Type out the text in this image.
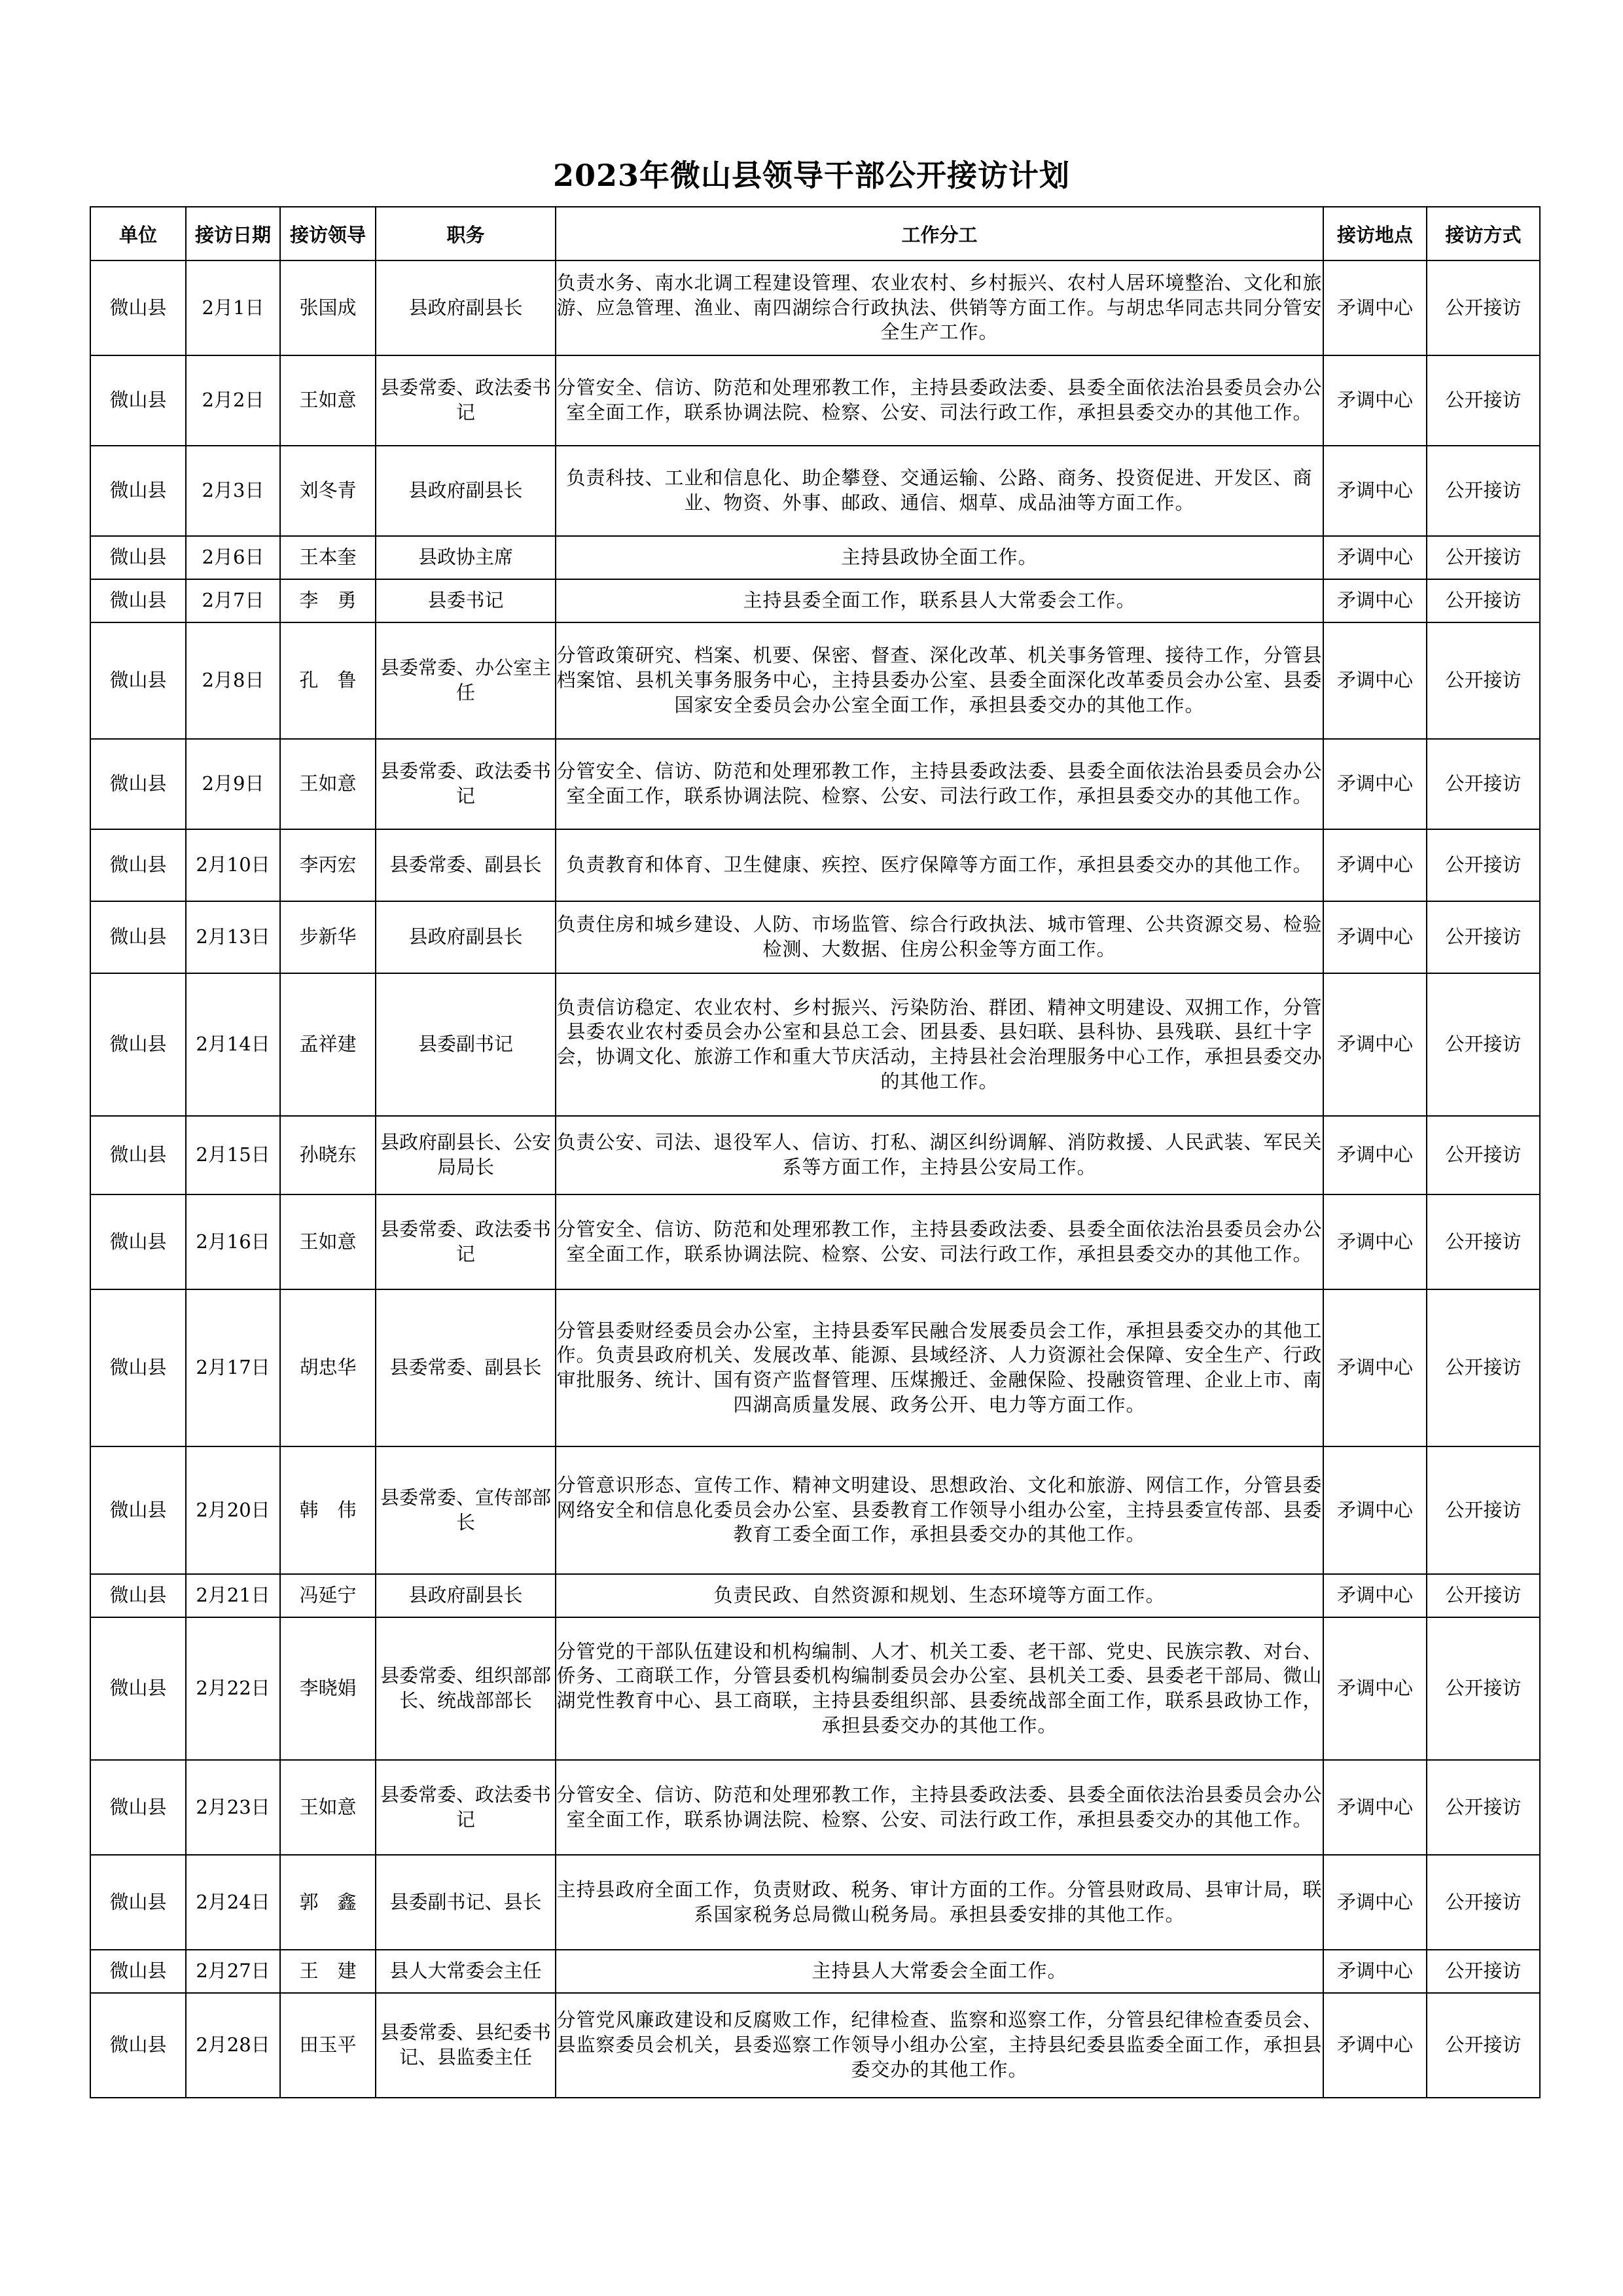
2023年微山县领导干部公开接访计划
单位	接访日期	接访领导	职务	工作分工	接访地点	接访方式
微山县	2月1日	张国成	县政府副县长	负责水务、南水北调工程建设管理、农业农村、乡村振兴、农村人居环境整治、文化和旅游、应急管理、渔业、南四湖综合行政执法、供销等方面工作。与胡忠华同志共同分管安全生产工作。	矛调中心	公开接访
微山县	2月2日	王如意	县委常委、政法委书记	分管安全、信访、防范和处理邪教工作，主持县委政法委、县委全面依法治县委员会办公室全面工作，联系协调法院、检察、公安、司法行政工作，承担县委交办的其他工作。	矛调中心	公开接访
微山县	2月3日	刘冬青	县政府副县长	负责科技、工业和信息化、助企攀登、交通运输、公路、商务、投资促进、开发区、商业、物资、外事、邮政、通信、烟草、成品油等方面工作。	矛调中心	公开接访
微山县	2月6日	王本奎	县政协主席	主持县政协全面工作。	矛调中心	公开接访
微山县	2月7日	李　勇	县委书记	主持县委全面工作，联系县人大常委会工作。	矛调中心	公开接访
微山县	2月8日	孔　鲁	县委常委、办公室主任	分管政策研究、档案、机要、保密、督查、深化改革、机关事务管理、接待工作，分管县档案馆、县机关事务服务中心，主持县委办公室、县委全面深化改革委员会办公室、县委国家安全委员会办公室全面工作，承担县委交办的其他工作。	矛调中心	公开接访
微山县	2月9日	王如意	县委常委、政法委书记	分管安全、信访、防范和处理邪教工作，主持县委政法委、县委全面依法治县委员会办公室全面工作，联系协调法院、检察、公安、司法行政工作，承担县委交办的其他工作。	矛调中心	公开接访
微山县	2月10日	李丙宏	县委常委、副县长	负责教育和体育、卫生健康、疾控、医疗保障等方面工作，承担县委交办的其他工作。	矛调中心	公开接访
微山县	2月13日	步新华	县政府副县长	负责住房和城乡建设、人防、市场监管、综合行政执法、城市管理、公共资源交易、检验检测、大数据、住房公积金等方面工作。	矛调中心	公开接访
微山县	2月14日	孟祥建	县委副书记	负责信访稳定、农业农村、乡村振兴、污染防治、群团、精神文明建设、双拥工作，分管县委农业农村委员会办公室和县总工会、团县委、县妇联、县科协、县残联、县红十字会，协调文化、旅游工作和重大节庆活动，主持县社会治理服务中心工作，承担县委交办的其他工作。	矛调中心	公开接访
微山县	2月15日	孙晓东	县政府副县长、公安局局长	负责公安、司法、退役军人、信访、打私、湖区纠纷调解、消防救援、人民武装、军民关系等方面工作，主持县公安局工作。	矛调中心	公开接访
微山县	2月16日	王如意	县委常委、政法委书记	分管安全、信访、防范和处理邪教工作，主持县委政法委、县委全面依法治县委员会办公室全面工作，联系协调法院、检察、公安、司法行政工作，承担县委交办的其他工作。	矛调中心	公开接访
微山县	2月17日	胡忠华	县委常委、副县长	分管县委财经委员会办公室，主持县委军民融合发展委员会工作，承担县委交办的其他工作。负责县政府机关、发展改革、能源、县域经济、人力资源社会保障、安全生产、行政审批服务、统计、国有资产监督管理、压煤搬迁、金融保险、投融资管理、企业上市、南四湖高质量发展、政务公开、电力等方面工作。	矛调中心	公开接访
微山县	2月20日	韩　伟	县委常委、宣传部部长	分管意识形态、宣传工作、精神文明建设、思想政治、文化和旅游、网信工作，分管县委网络安全和信息化委员会办公室、县委教育工作领导小组办公室，主持县委宣传部、县委教育工委全面工作，承担县委交办的其他工作。	矛调中心	公开接访
微山县	2月21日	冯延宁	县政府副县长	负责民政、自然资源和规划、生态环境等方面工作。	矛调中心	公开接访
微山县	2月22日	李晓娟	县委常委、组织部部长、统战部部长	分管党的干部队伍建设和机构编制、人才、机关工委、老干部、党史、民族宗教、对台、侨务、工商联工作，分管县委机构编制委员会办公室、县机关工委、县委老干部局、微山湖党性教育中心、县工商联，主持县委组织部、县委统战部全面工作，联系县政协工作，承担县委交办的其他工作。	矛调中心	公开接访
微山县	2月23日	王如意	县委常委、政法委书记	分管安全、信访、防范和处理邪教工作，主持县委政法委、县委全面依法治县委员会办公室全面工作，联系协调法院、检察、公安、司法行政工作，承担县委交办的其他工作。	矛调中心	公开接访
微山县	2月24日	郭　鑫	县委副书记、县长	主持县政府全面工作，负责财政、税务、审计方面的工作。分管县财政局、县审计局，联系国家税务总局微山税务局。承担县委安排的其他工作。	矛调中心	公开接访
微山县	2月27日	王　建	县人大常委会主任	主持县人大常委会全面工作。	矛调中心	公开接访
微山县	2月28日	田玉平	县委常委、县纪委书记、县监委主任	分管党风廉政建设和反腐败工作，纪律检查、监察和巡察工作，分管县纪律检查委员会、县监察委员会机关，县委巡察工作领导小组办公室，主持县纪委县监委全面工作，承担县委交办的其他工作。	矛调中心	公开接访
